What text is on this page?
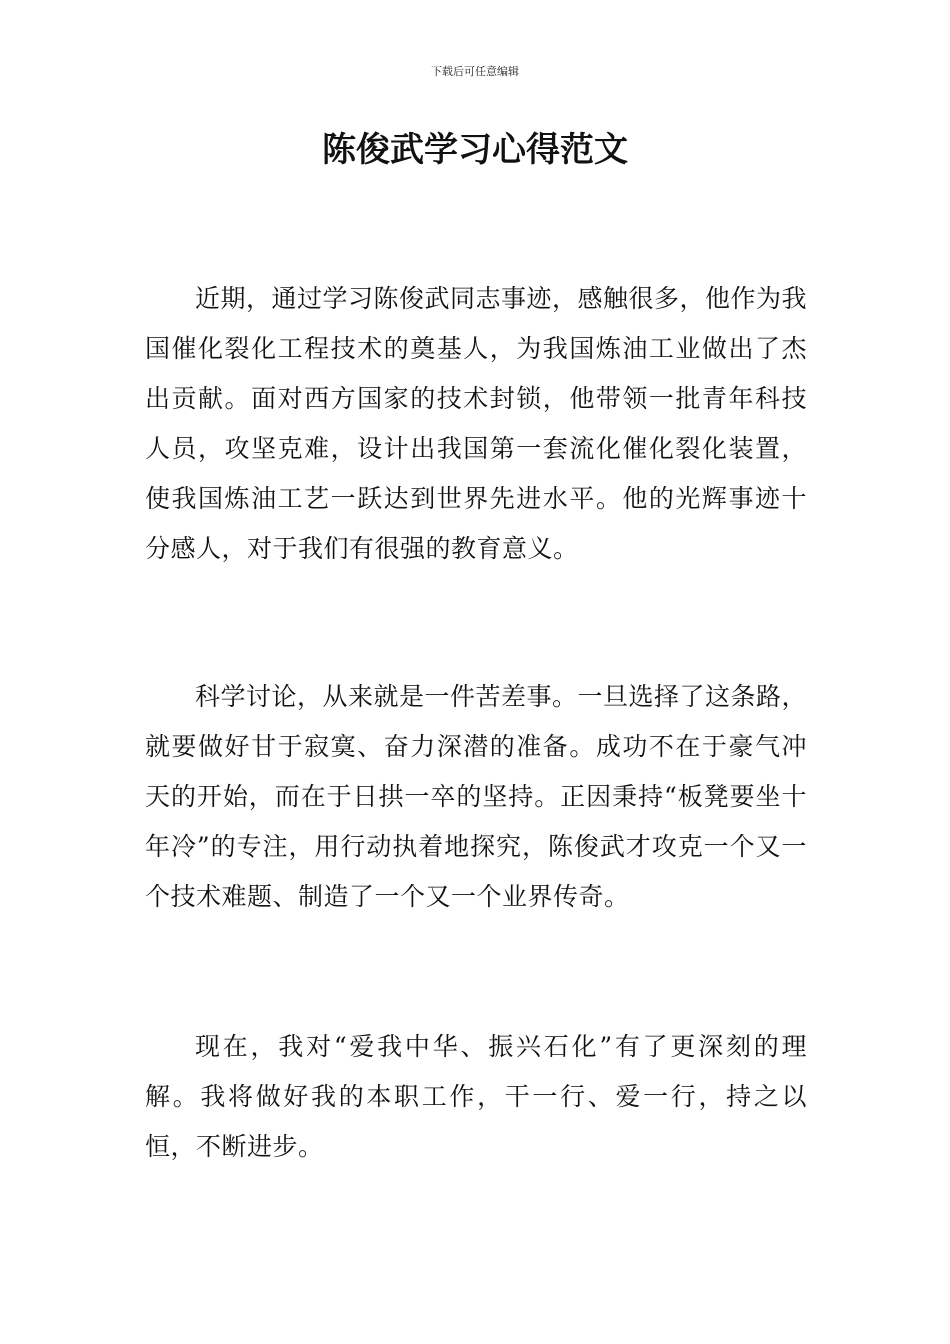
下载后可任意编辑
陈俊武学习心得范文

近期，通过学习陈俊武同志事迹，感触很多，他作为我国催化裂化工程技术的奠基人，为我国炼油工业做出了杰出贡献。面对西方国家的技术封锁，他带领一批青年科技人员，攻坚克难，设计出我国第一套流化催化裂化装置，使我国炼油工艺一跃达到世界先进水平。他的光辉事迹十分感人，对于我们有很强的教育意义。

科学讨论，从来就是一件苦差事。一旦选择了这条路，就要做好甘于寂寞、奋力深潜的准备。成功不在于豪气冲天的开始，而在于日拱一卒的坚持。正因秉持“板凳要坐十年冷”的专注，用行动执着地探究，陈俊武才攻克一个又一个技术难题、制造了一个又一个业界传奇。

现在，我对“爱我中华、振兴石化”有了更深刻的理解。我将做好我的本职工作，干一行、爱一行，持之以恒，不断进步。
